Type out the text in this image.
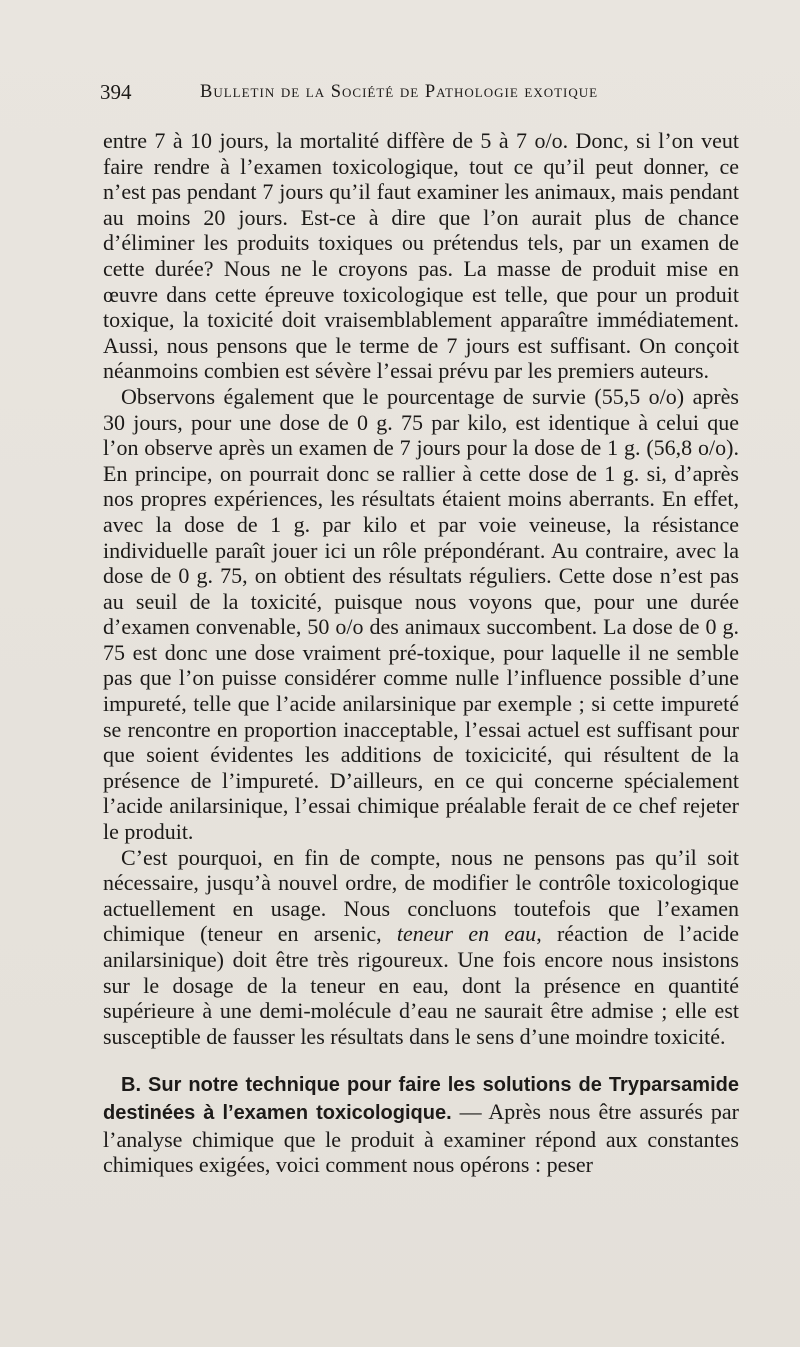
394	Bulletin de la Société de Pathologie exotique

entre 7 à 10 jours, la mortalité diffère de 5 à 7 o/o. Donc, si l’on veut faire rendre à l’examen toxicologique, tout ce qu’il peut donner, ce n’est pas pendant 7 jours qu’il faut examiner les animaux, mais pendant au moins 20 jours. Est-ce à dire que l’on aurait plus de chance d’éliminer les produits toxiques ou prétendus tels, par un examen de cette durée? Nous ne le croyons pas. La masse de produit mise en œuvre dans cette épreuve toxicologique est telle, que pour un produit toxique, la toxicité doit vraisemblablement apparaître immédiatement. Aussi, nous pensons que le terme de 7 jours est suffisant. On conçoit néanmoins combien est sévère l’essai prévu par les premiers auteurs.

Observons également que le pourcentage de survie (55,5 o/o) après 30 jours, pour une dose de 0 g. 75 par kilo, est identique à celui que l’on observe après un examen de 7 jours pour la dose de 1 g. (56,8 o/o). En principe, on pourrait donc se rallier à cette dose de 1 g. si, d’après nos propres expériences, les résultats étaient moins aberrants. En effet, avec la dose de 1 g. par kilo et par voie veineuse, la résistance individuelle paraît jouer ici un rôle prépondérant. Au contraire, avec la dose de 0 g. 75, on obtient des résultats réguliers. Cette dose n’est pas au seuil de la toxicité, puisque nous voyons que, pour une durée d’examen convenable, 50 o/o des animaux succombent. La dose de 0 g. 75 est donc une dose vraiment pré-toxique, pour laquelle il ne semble pas que l’on puisse considérer comme nulle l’influence possible d’une impureté, telle que l’acide anilarsinique par exemple ; si cette impureté se rencontre en proportion inacceptable, l’essai actuel est suffisant pour que soient évidentes les additions de toxicicité, qui résultent de la présence de l’impureté. D’ailleurs, en ce qui concerne spécialement l’acide anilarsinique, l’essai chimique préalable ferait de ce chef rejeter le produit.

C’est pourquoi, en fin de compte, nous ne pensons pas qu’il soit nécessaire, jusqu’à nouvel ordre, de modifier le contrôle toxicologique actuellement en usage. Nous concluons toutefois que l’examen chimique (teneur en arsenic, teneur en eau, réaction de l’acide anilarsinique) doit être très rigoureux. Une fois encore nous insistons sur le dosage de la teneur en eau, dont la présence en quantité supérieure à une demi-molécule d’eau ne saurait être admise ; elle est susceptible de fausser les résultats dans le sens d’une moindre toxicité.

B. Sur notre technique pour faire les solutions de Tryparsamide destinées à l’examen toxicologique. — Après nous être assurés par l’analyse chimique que le produit à examiner répond aux constantes chimiques exigées, voici comment nous opérons : peser
